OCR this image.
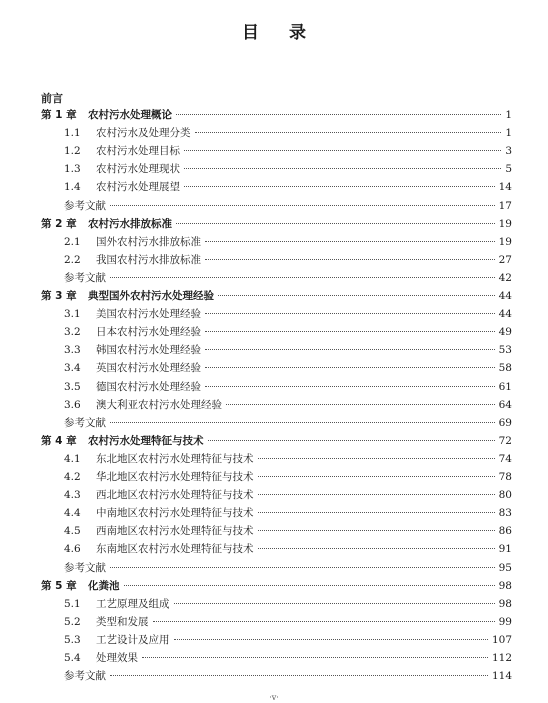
目 录
前言
第 1 章	农村污水处理概论	1
1.1	农村污水及处理分类	1
1.2	农村污水处理目标	3
1.3	农村污水处理现状	5
1.4	农村污水处理展望	14
参考文献	17
第 2 章	农村污水排放标准	19
2.1	国外农村污水排放标准	19
2.2	我国农村污水排放标准	27
参考文献	42
第 3 章	典型国外农村污水处理经验	44
3.1	美国农村污水处理经验	44
3.2	日本农村污水处理经验	49
3.3	韩国农村污水处理经验	53
3.4	英国农村污水处理经验	58
3.5	德国农村污水处理经验	61
3.6	澳大利亚农村污水处理经验	64
参考文献	69
第 4 章	农村污水处理特征与技术	72
4.1	东北地区农村污水处理特征与技术	74
4.2	华北地区农村污水处理特征与技术	78
4.3	西北地区农村污水处理特征与技术	80
4.4	中南地区农村污水处理特征与技术	83
4.5	西南地区农村污水处理特征与技术	86
4.6	东南地区农村污水处理特征与技术	91
参考文献	95
第 5 章	化粪池	98
5.1	工艺原理及组成	98
5.2	类型和发展	99
5.3	工艺设计及应用	107
5.4	处理效果	112
参考文献	114
·v·
